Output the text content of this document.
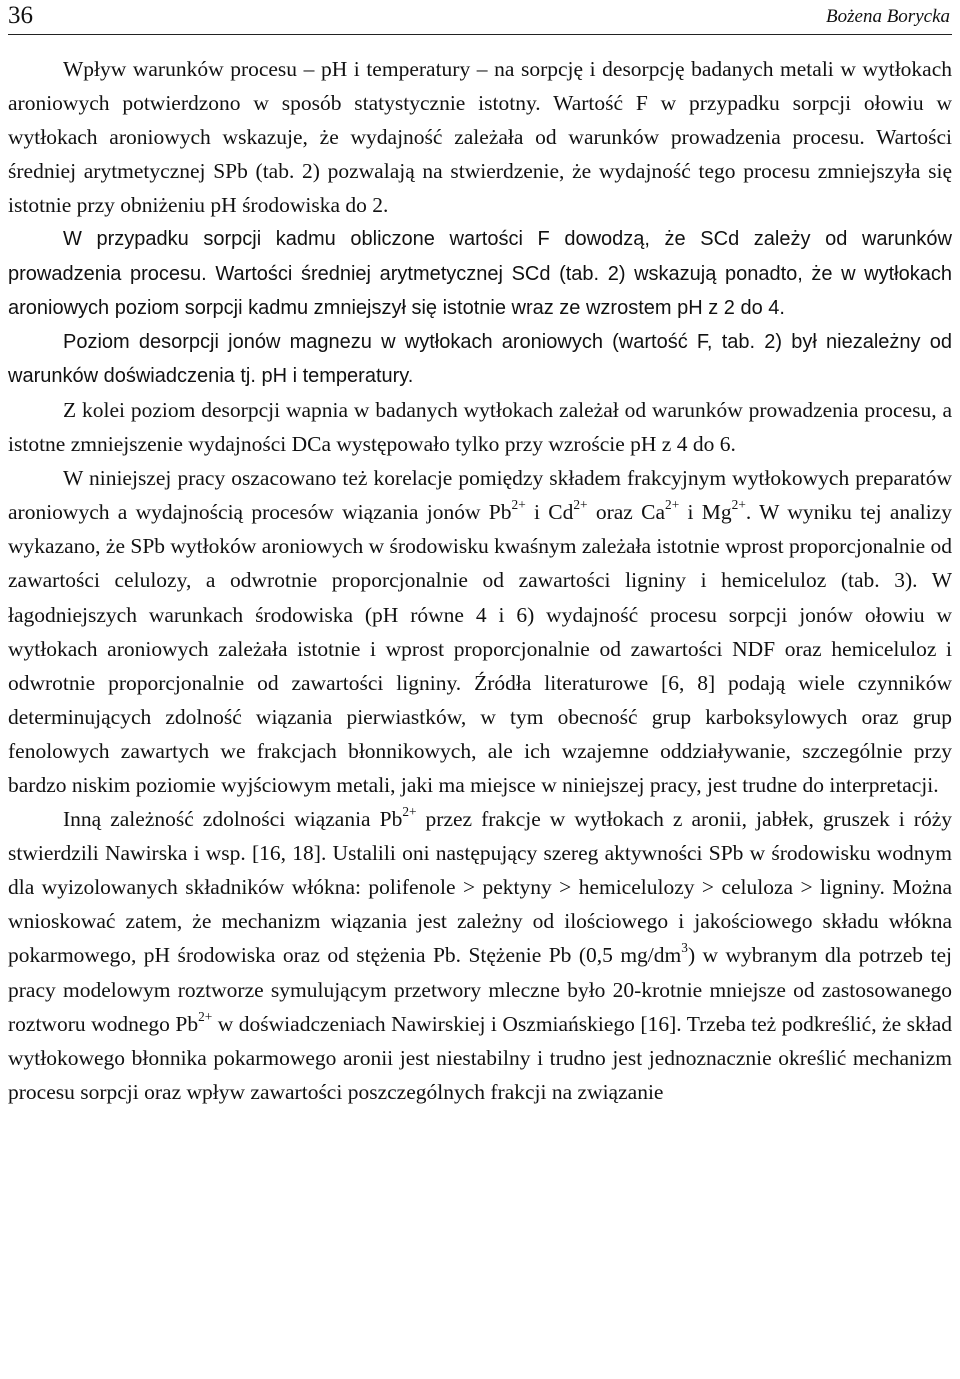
36	Bożena Borycka

Wpływ warunków procesu – pH i temperatury – na sorpcję i desorpcję badanych metali w wytłokach aroniowych potwierdzono w sposób statystycznie istotny. Wartość F w przypadku sorpcji ołowiu w wytłokach aroniowych wskazuje, że wydajność zależała od warunków prowadzenia procesu. Wartości średniej arytmetycznej SPb (tab. 2) pozwalają na stwierdzenie, że wydajność tego procesu zmniejszyła się istotnie przy obniżeniu pH środowiska do 2.

W przypadku sorpcji kadmu obliczone wartości F dowodzą, że SCd zależy od warunków prowadzenia procesu. Wartości średniej arytmetycznej SCd (tab. 2) wskazują ponadto, że w wytłokach aroniowych poziom sorpcji kadmu zmniejszył się istotnie wraz ze wzrostem pH z 2 do 4.

Poziom desorpcji jonów magnezu w wytłokach aroniowych (wartość F, tab. 2) był niezależny od warunków doświadczenia tj. pH i temperatury.

Z kolei poziom desorpcji wapnia w badanych wytłokach zależał od warunków prowadzenia procesu, a istotne zmniejszenie wydajności DCa występowało tylko przy wzroście pH z 4 do 6.

W niniejszej pracy oszacowano też korelacje pomiędzy składem frakcyjnym wytłokowych preparatów aroniowych a wydajnością procesów wiązania jonów $Pb^{2+}$ i $Cd^{2+}$ oraz $Ca^{2+}$ i $Mg^{2+}$. W wyniku tej analizy wykazano, że SPb wytłoków aroniowych w środowisku kwaśnym zależała istotnie wprost proporcjonalnie od zawartości celulozy, a odwrotnie proporcjonalnie od zawartości ligniny i hemiceluloz (tab. 3). W łagodniejszych warunkach środowiska (pH równe 4 i 6) wydajność procesu sorpcji jonów ołowiu w wytłokach aroniowych zależała istotnie i wprost proporcjonalnie od zawartości NDF oraz hemiceluloz i odwrotnie proporcjonalnie od zawartości ligniny. Źródła literaturowe [6, 8] podają wiele czynników determinujących zdolność wiązania pierwiastków, w tym obecność grup karboksylowych oraz grup fenolowych zawartych we frakcjach błonnikowych, ale ich wzajemne oddziaływanie, szczególnie przy bardzo niskim poziomie wyjściowym metali, jaki ma miejsce w niniejszej pracy, jest trudne do interpretacji.

Inną zależność zdolności wiązania $Pb^{2+}$ przez frakcje w wytłokach z aronii, jabłek, gruszek i róży stwierdzili Nawirska i wsp. [16, 18]. Ustalili oni następujący szereg aktywności SPb w środowisku wodnym dla wyizolowanych składników włókna: polifenole > pektyny > hemicelulozy > celuloza > ligniny. Można wnioskować zatem, że mechanizm wiązania jest zależny od ilościowego i jakościowego składu włókna pokarmowego, pH środowiska oraz od stężenia Pb. Stężenie Pb (0,5 $mg/dm^3$) w wybranym dla potrzeb tej pracy modelowym roztworze symulującym przetwory mleczne było 20-krotnie mniejsze od zastosowanego roztworu wodnego $Pb^{2+}$ w doświadczeniach Nawirskiej i Oszmiańskiego [16]. Trzeba też podkreślić, że skład wytłokowego błonnika pokarmowego aronii jest niestabilny i trudno jest jednoznacznie określić mechanizm procesu sorpcji oraz wpływ zawartości poszczególnych frakcji na związanie
